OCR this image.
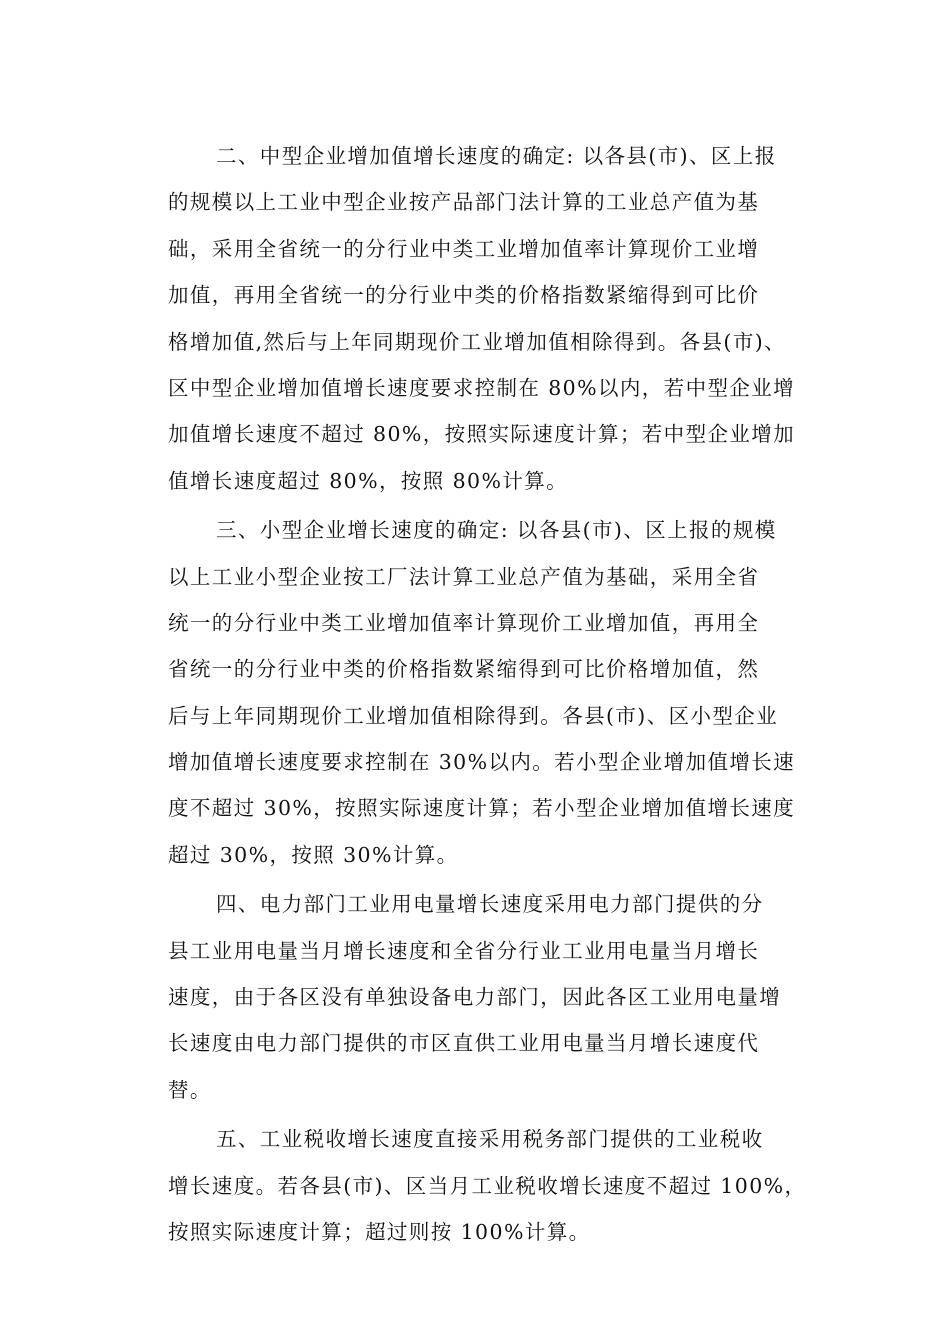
二、中型企业增加值增长速度的确定: 以各县(市)、区上报
的规模以上工业中型企业按产品部门法计算的工业总产值为基
础，采用全省统一的分行业中类工业增加值率计算现价工业增
加值，再用全省统一的分行业中类的价格指数紧缩得到可比价
格增加值,然后与上年同期现价工业增加值相除得到。各县(市)、
区中型企业增加值增长速度要求控制在 80%以内，若中型企业增
加值增长速度不超过 80%，按照实际速度计算；若中型企业增加
值增长速度超过 80%，按照 80%计算。
三、小型企业增长速度的确定: 以各县(市)、区上报的规模
以上工业小型企业按工厂法计算工业总产值为基础，采用全省
统一的分行业中类工业增加值率计算现价工业增加值，再用全
省统一的分行业中类的价格指数紧缩得到可比价格增加值，然
后与上年同期现价工业增加值相除得到。各县(市)、区小型企业
增加值增长速度要求控制在 30%以内。若小型企业增加值增长速
度不超过 30%，按照实际速度计算；若小型企业增加值增长速度
超过 30%，按照 30%计算。
四、电力部门工业用电量增长速度采用电力部门提供的分
县工业用电量当月增长速度和全省分行业工业用电量当月增长
速度，由于各区没有单独设备电力部门，因此各区工业用电量增
长速度由电力部门提供的市区直供工业用电量当月增长速度代
替。
五、工业税收增长速度直接采用税务部门提供的工业税收
增长速度。若各县(市)、区当月工业税收增长速度不超过 100%，
按照实际速度计算；超过则按 100%计算。
